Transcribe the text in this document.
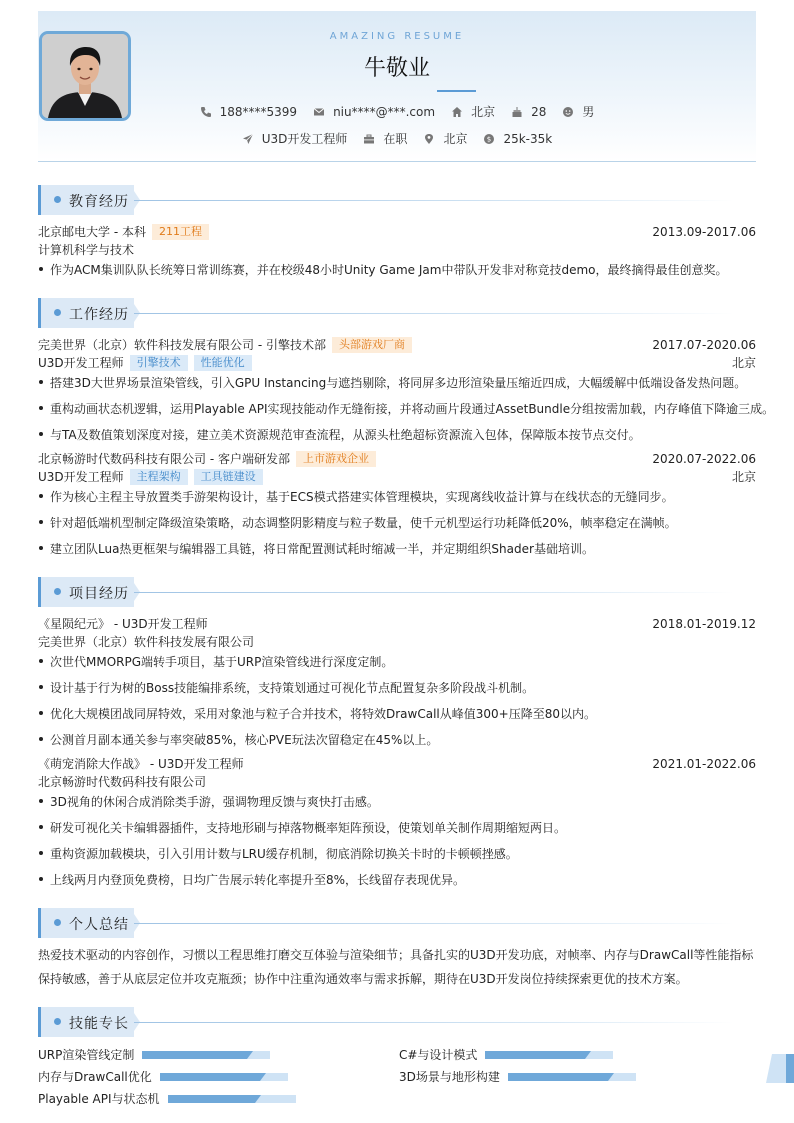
AMAZING RESUME
牛敬业
188****5399	niu****@***.com	北京	28	男
U3D开发工程师	在职	北京	$ 25k-35k
教育经历
北京邮电大学 - 本科	211工程	2013.09-2017.06
计算机科学与技术
作为ACM集训队队长统筹日常训练赛，并在校级48小时Unity Game Jam中带队开发非对称竞技demo，最终摘得最佳创意奖。
工作经历
完美世界（北京）软件科技发展有限公司 - 引擎技术部	头部游戏厂商	2017.07-2020.06
U3D开发工程师	引擎技术	性能优化	北京
搭建3D大世界场景渲染管线，引入GPU Instancing与遮挡剔除，将同屏多边形渲染量压缩近四成，大幅缓解中低端设备发热问题。
重构动画状态机逻辑，运用Playable API实现技能动作无缝衔接，并将动画片段通过AssetBundle分组按需加载，内存峰值下降逾三成。
与TA及数值策划深度对接，建立美术资源规范审查流程，从源头杜绝超标资源流入包体，保障版本按节点交付。
北京畅游时代数码科技有限公司 - 客户端研发部	上市游戏企业	2020.07-2022.06
U3D开发工程师	主程架构	工具链建设	北京
作为核心主程主导放置类手游架构设计，基于ECS模式搭建实体管理模块，实现离线收益计算与在线状态的无缝同步。
针对超低端机型制定降级渲染策略，动态调整阴影精度与粒子数量，使千元机型运行功耗降低20%，帧率稳定在满帧。
建立团队Lua热更框架与编辑器工具链，将日常配置测试耗时缩减一半，并定期组织Shader基础培训。
项目经历
《星陨纪元》 - U3D开发工程师	2018.01-2019.12
完美世界（北京）软件科技发展有限公司
次世代MMORPG端转手项目，基于URP渲染管线进行深度定制。
设计基于行为树的Boss技能编排系统，支持策划通过可视化节点配置复杂多阶段战斗机制。
优化大规模团战同屏特效，采用对象池与粒子合并技术，将特效DrawCall从峰值300+压降至80以内。
公测首月副本通关参与率突破85%，核心PVE玩法次留稳定在45%以上。
《萌宠消除大作战》 - U3D开发工程师	2021.01-2022.06
北京畅游时代数码科技有限公司
3D视角的休闲合成消除类手游，强调物理反馈与爽快打击感。
研发可视化关卡编辑器插件，支持地形刷与掉落物概率矩阵预设，使策划单关制作周期缩短两日。
重构资源加载模块，引入引用计数与LRU缓存机制，彻底消除切换关卡时的卡顿顿挫感。
上线两月内登顶免费榜，日均广告展示转化率提升至8%，长线留存表现优异。
个人总结
热爱技术驱动的内容创作，习惯以工程思维打磨交互体验与渲染细节；具备扎实的U3D开发功底，对帧率、内存与DrawCall等性能指标保持敏感，善于从底层定位并攻克瓶颈；协作中注重沟通效率与需求拆解，期待在U3D开发岗位持续探索更优的技术方案。
技能专长
URP渲染管线定制	C#与设计模式
内存与DrawCall优化	3D场景与地形构建
Playable API与状态机
